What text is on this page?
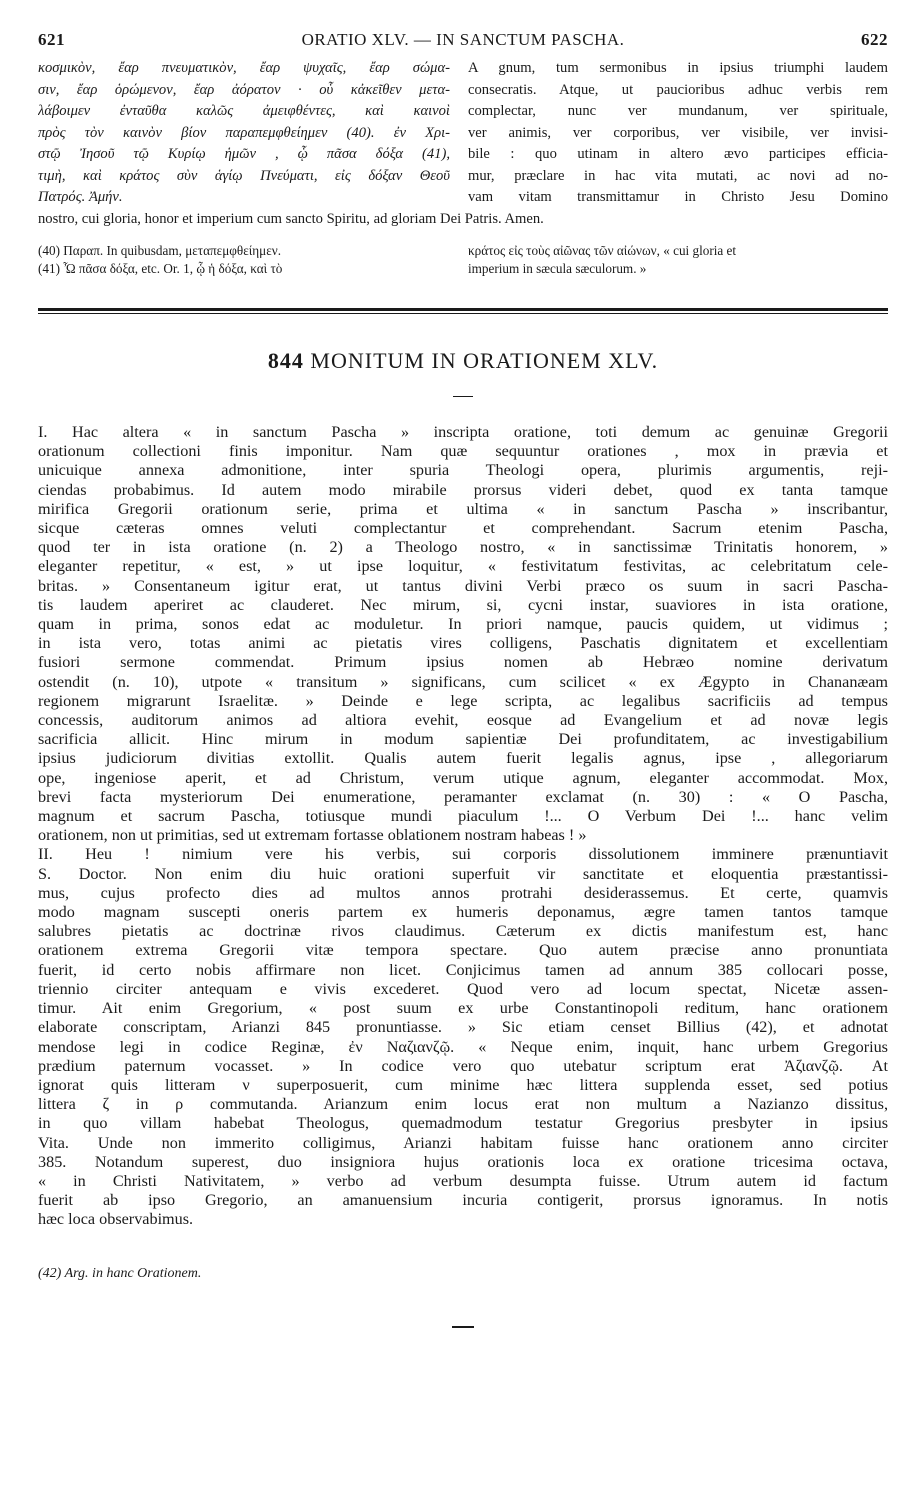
621	ORATIO XLV. — IN SANCTUM PASCHA.	622
κοσμικὸν, ἔαρ πνευματικὸν, ἔαρ ψυχαῖς, ἔαρ σώμα-
σιν, ἔαρ ὁρώμενον, ἔαρ ἀόρατον · οὗ κἀκεῖθεν μετα-
λάβοιμεν ἐνταῦθα καλῶς ἀμειφθέντες, καὶ καινοὶ
πρὸς τὸν καινὸν βίον παραπεμφθείημεν (40). ἐν Χρι-
στῷ Ἰησοῦ τῷ Κυρίῳ ἡμῶν , ᾧ πᾶσα δόξα (41),
τιμὴ, καὶ κράτος σὺν ἁγίῳ Πνεύματι, εἰς δόξαν Θεοῦ
Πατρός. Ἀμήν.
A gnum, tum sermonibus in ipsius triumphi laudem
consecratis. Atque, ut paucioribus adhuc verbis rem
complectar, nunc ver mundanum, ver spirituale,
ver animis, ver corporibus, ver visibile, ver invisi-
bile : quo utinam in altero ævo participes efficia-
mur, præclare in hac vita mutati, ac novi ad no-
vam vitam transmittamur in Christo Jesu Domino
nostro, cui gloria, honor et imperium cum sancto Spiritu, ad gloriam Dei Patris. Amen.
(40) Παραπ. In quibusdam, μεταπεμφθείημεν.
(41) Ὦ πᾶσα δόξα, etc. Or. 1, ᾧ ἡ δόξα, καὶ τὸ
κράτος εἰς τοὺς αἰῶνας τῶν αἰώνων, « cui gloria et
imperium in sæcula sæculorum. »
844 MONITUM IN ORATIONEM XLV.
I. Hac altera « in sanctum Pascha » inscripta oratione, toti demum ac genuinæ Gregorii
orationum collectioni finis imponitur. Nam quæ sequuntur orationes , mox in prævia et
unicuique annexa admonitione, inter spuria Theologi opera, plurimis argumentis, reji-
ciendas probabimus. Id autem modo mirabile prorsus videri debet, quod ex tanta tamque
mirifica Gregorii orationum serie, prima et ultima « in sanctum Pascha » inscribantur,
sicque cæteras omnes veluti complectantur et comprehendant. Sacrum etenim Pascha,
quod ter in ista oratione (n. 2) a Theologo nostro, « in sanctissimæ Trinitatis honorem, »
eleganter repetitur, « est, » ut ipse loquitur, « festivitatum festivitas, ac celebritatum cele-
britas. » Consentaneum igitur erat, ut tantus divini Verbi præco os suum in sacri Pascha-
tis laudem aperiret ac clauderet. Nec mirum, si, cycni instar, suaviores in ista oratione,
quam in prima, sonos edat ac moduletur. In priori namque, paucis quidem, ut vidimus ;
in ista vero, totas animi ac pietatis vires colligens, Paschatis dignitatem et excellentiam
fusiori sermone commendat. Primum ipsius nomen ab Hebræo nomine derivatum
ostendit (n. 10), utpote « transitum » significans, cum scilicet « ex Ægypto in Chananæam
regionem migrarunt Israelitæ. » Deinde e lege scripta, ac legalibus sacrificiis ad tempus
concessis, auditorum animos ad altiora evehit, eosque ad Evangelium et ad novæ legis
sacrificia allicit. Hinc mirum in modum sapientiæ Dei profunditatem, ac investigabilium
ipsius judiciorum divitias extollit. Qualis autem fuerit legalis agnus, ipse , allegoriarum
ope, ingeniose aperit, et ad Christum, verum utique agnum, eleganter accommodat. Mox,
brevi facta mysteriorum Dei enumeratione, peramanter exclamat (n. 30) : « O Pascha,
magnum et sacrum Pascha, totiusque mundi piaculum !... O Verbum Dei !... hanc velim
orationem, non ut primitias, sed ut extremam fortasse oblationem nostram habeas ! »
II. Heu ! nimium vere his verbis, sui corporis dissolutionem imminere prænuntiavit
S. Doctor. Non enim diu huic orationi superfuit vir sanctitate et eloquentia præstantissi-
mus, cujus profecto dies ad multos annos protrahi desiderassemus. Et certe, quamvis
modo magnam suscepti oneris partem ex humeris deponamus, ægre tamen tantos tamque
salubres pietatis ac doctrinæ rivos claudimus. Cæterum ex dictis manifestum est, hanc
orationem extrema Gregorii vitæ tempora spectare. Quo autem præcise anno pronuntiata
fuerit, id certo nobis affirmare non licet. Conjicimus tamen ad annum 385 collocari posse,
triennio circiter antequam e vivis excederet. Quod vero ad locum spectat, Nicetæ assen-
timur. Ait enim Gregorium, « post suum ex urbe Constantinopoli reditum, hanc orationem
elaborate conscriptam, Arianzi 845 pronuntiasse. » Sic etiam censet Billius (42), et adnotat
mendose legi in codice Reginæ, ἐν Ναζιανζῷ. « Neque enim, inquit, hanc urbem Gregorius
prædium paternum vocasset. » In codice vero quo utebatur scriptum erat Ἀζιανζῷ. At
ignorat quis litteram ν superposuerit, cum minime hæc littera supplenda esset, sed potius
littera ζ in ρ commutanda. Arianzum enim locus erat non multum a Nazianzo dissitus,
in quo villam habebat Theologus, quemadmodum testatur Gregorius presbyter in ipsius
Vita. Unde non immerito colligimus, Arianzi habitam fuisse hanc orationem anno circiter
385. Notandum superest, duo insigniora hujus orationis loca ex oratione tricesima octava,
« in Christi Nativitatem, » verbo ad verbum desumpta fuisse. Utrum autem id factum
fuerit ab ipso Gregorio, an amanuensium incuria contigerit, prorsus ignoramus. In notis
hæc loca observabimus.
(42) Arg. in hanc Orationem.
